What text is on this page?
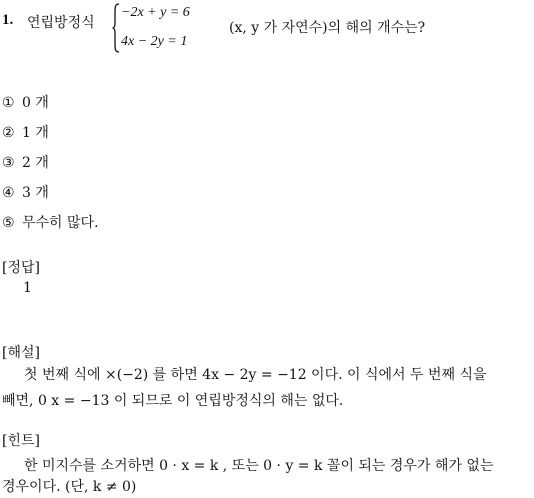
1. 연립방정식
−2x + y = 6
4x − 2y = 1
(x, y 가 자연수)의 해의 개수는?
① 0 개
② 1 개
③ 2 개
④ 3 개
⑤ 무수히 많다.
[정답]
1
[해설]
첫 번째 식에 ×(−2) 를 하면 4x − 2y = −12 이다. 이 식에서 두 번째 식을
빼면, 0 x = −13 이 되므로 이 연립방정식의 해는 없다.
[힌트]
한 미지수를 소거하면 0 · x = k , 또는 0 · y = k 꼴이 되는 경우가 해가 없는
경우이다. (단, k ≠ 0)
